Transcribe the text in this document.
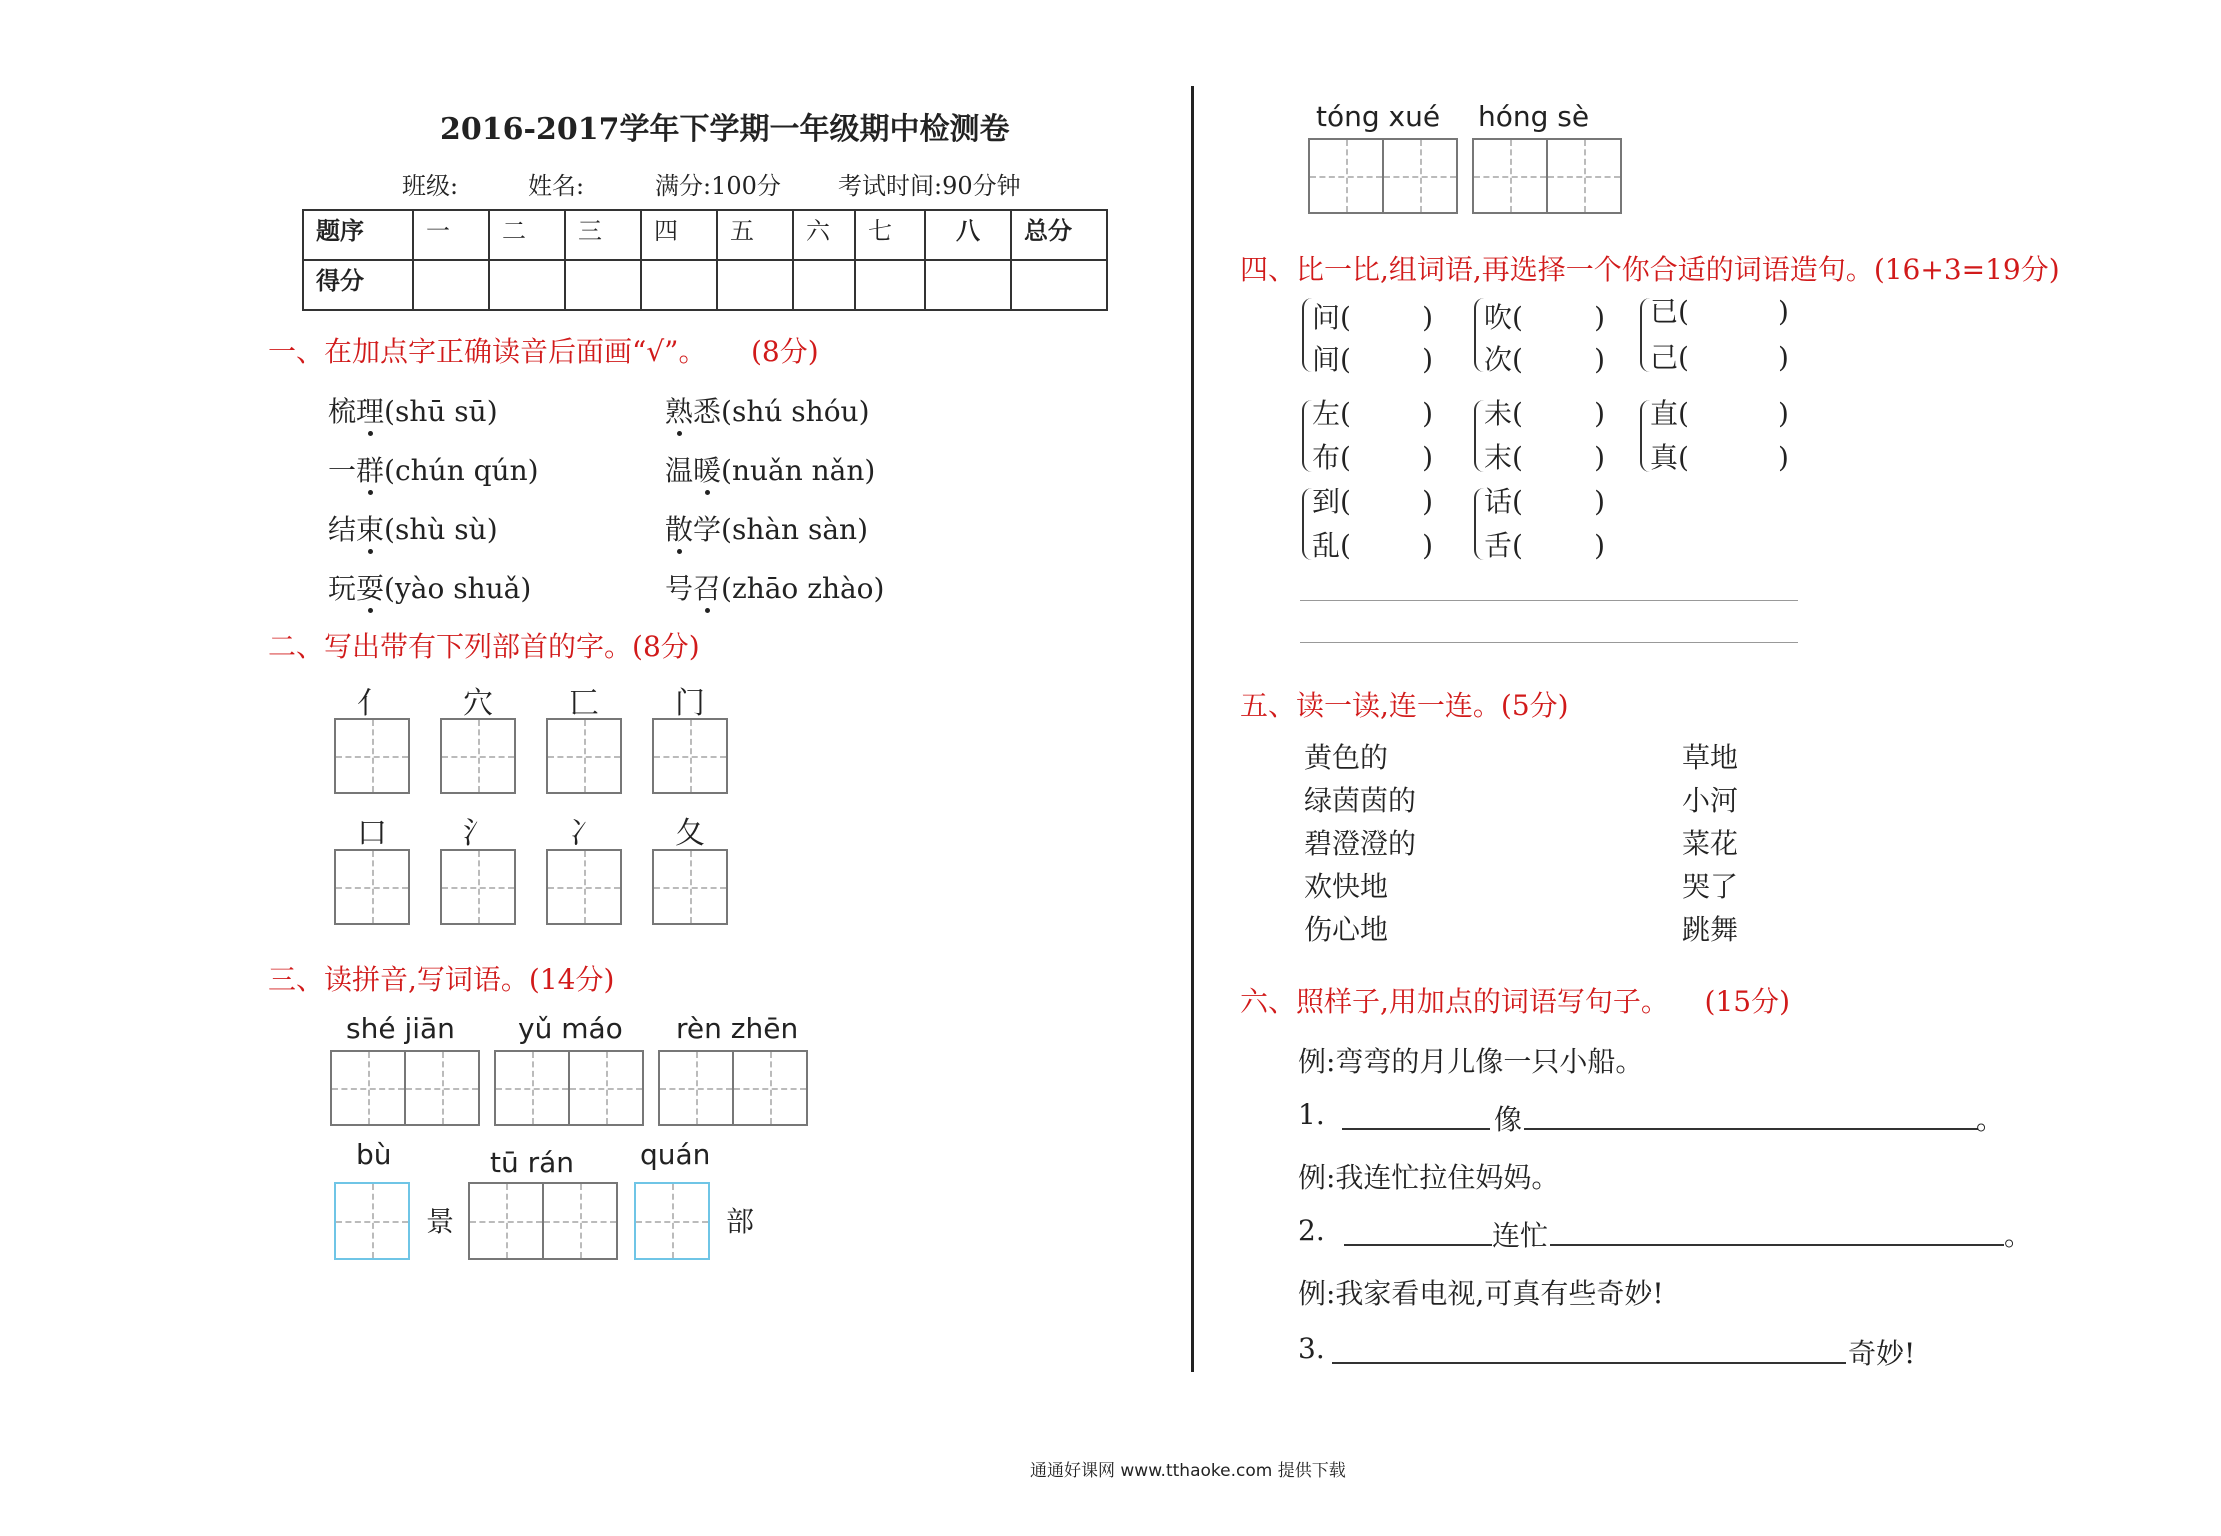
2016-2017学年下学期一年级期中检测卷
班级:	姓名:	满分:100分 考试时间:90分钟
题序	一	二	三	四	五	六	七	八	总分
得分									
一、在加点字正确读音后面画“√”。 (8分)
梳理(shū sū)	熟悉(shú shóu)
一群(chún qún)	温暖(nuǎn nǎn)
结束(shù sù)	散学(shàn sàn)
玩耍(yào shuǎ)	号召(zhāo zhào)
二、写出带有下列部首的字。(8分)
亻	穴	匸	门
口	氵	冫	夂
三、读拼音,写词语。(14分)
shé jiān yǔ máo rèn zhēn
bù	tū rán quán
景	部
tóng xué hóng sè
四、比一比,组词语,再选择一个你合适的词语造句。(16+3=19分)
问(        )
间(        )
吹(        )
次(        )
已(          )
己(          )
左(        )
布(        )
未(        )
末(        )
直(          )
真(          )
到(        )
乱(        )
话(        )
舌(        )
五、读一读,连一连。(5分)
黄色的
绿茵茵的
碧澄澄的
欢快地
伤心地
草地
小河
菜花
哭了
跳舞
六、照样子,用加点的词语写句子。 (15分)
例:弯弯的月儿像一只小船。
1.	像	。
例:我连忙拉住妈妈。
2.	连忙	。
例:我家看电视,可真有些奇妙!
3.	奇妙!
通通好课网 www.tthaoke.com 提供下载
